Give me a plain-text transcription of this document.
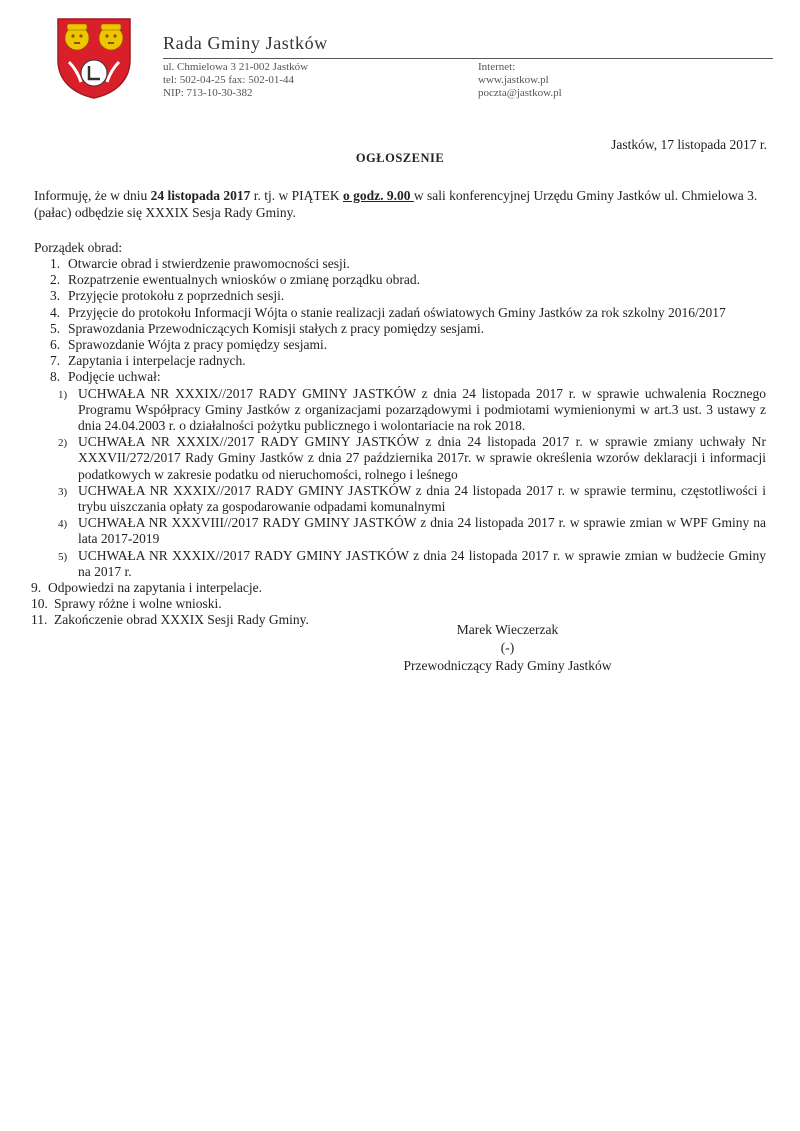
Rada Gminy Jastków
ul. Chmielowa 3 21-002 Jastków
tel: 502-04-25 fax: 502-01-44
NIP: 713-10-30-382
Internet:
www.jastkow.pl
poczta@jastkow.pl
Jastków, 17 listopada 2017 r.
OGŁOSZENIE
Informuję, że w dniu 24 listopada 2017 r. tj. w PIĄTEK o godz. 9.00 w sali konferencyjnej Urzędu Gminy Jastków ul. Chmielowa 3. (pałac) odbędzie się XXXIX Sesja Rady Gminy.
Porządek obrad:
1. Otwarcie obrad i stwierdzenie prawomocności sesji.
2. Rozpatrzenie ewentualnych wniosków o zmianę porządku obrad.
3. Przyjęcie protokołu z poprzednich sesji.
4. Przyjęcie do protokołu Informacji Wójta o stanie realizacji zadań oświatowych Gminy Jastków za rok szkolny 2016/2017
5. Sprawozdania Przewodniczących Komisji stałych z pracy pomiędzy sesjami.
6. Sprawozdanie Wójta z pracy pomiędzy sesjami.
7. Zapytania i interpelacje radnych.
8. Podjęcie uchwał:
1) UCHWAŁA NR XXXIX//2017 RADY GMINY JASTKÓW z dnia 24 listopada 2017 r. w sprawie uchwalenia Rocznego Programu Współpracy Gminy Jastków z organizacjami pozarządowymi i podmiotami wymienionymi w art.3 ust. 3 ustawy z dnia 24.04.2003 r. o działalności pożytku publicznego i wolontariacie na rok 2018.
2) UCHWAŁA NR XXXIX//2017 RADY GMINY JASTKÓW z dnia 24 listopada 2017 r. w sprawie zmiany uchwały Nr XXXVII/272/2017 Rady Gminy Jastków z dnia 27 października 2017r. w sprawie określenia wzorów deklaracji i informacji podatkowych w zakresie podatku od nieruchomości, rolnego i leśnego
3) UCHWAŁA NR XXXIX//2017 RADY GMINY JASTKÓW z dnia 24 listopada 2017 r. w sprawie terminu, częstotliwości i trybu uiszczania opłaty za gospodarowanie odpadami komunalnymi
4) UCHWAŁA NR XXXVIII//2017 RADY GMINY JASTKÓW z dnia 24 listopada 2017 r. w sprawie zmian w WPF Gminy na lata 2017-2019
5) UCHWAŁA NR XXXIX//2017 RADY GMINY JASTKÓW z dnia 24 listopada 2017 r. w sprawie zmian w budżecie Gminy na 2017 r.
9. Odpowiedzi na zapytania i interpelacje.
10. Sprawy różne i wolne wnioski.
11. Zakończenie obrad XXXIX Sesji Rady Gminy.
Marek Wieczerzak
(-)
Przewodniczący Rady Gminy Jastków
